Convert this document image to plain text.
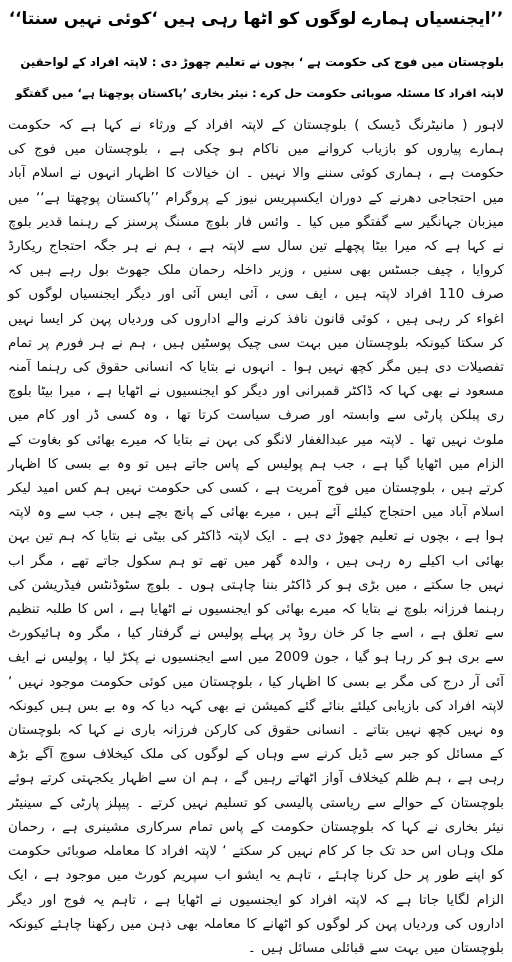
’’ایجنسیاں ہمارے لوگوں کو اٹھا رہی ہیں ‘کوئی نہیں سنتا‘‘
بلوچستان میں فوج کی حکومت ہے ‘ بچوں نے تعلیم چھوڑ دی : لاپتہ افراد کے لواحقین
لاپتہ افراد کا مسئلہ صوبائی حکومت حل کرے : نیئر بخاری ’پاکستان پوچھتا ہے‘ میں گفتگو

لاہور ( مانیٹرنگ ڈیسک ) بلوچستان کے لاپتہ افراد کے ورثاء نے کہا ہے کہ حکومت ہمارے پیاروں کو بازیاب کروانے میں ناکام ہو چکی ہے ، بلوچستان میں فوج کی حکومت ہے ، ہماری کوئی سننے والا نہیں ۔ ان خیالات کا اظہار انہوں نے اسلام آباد میں احتجاجی دھرنے کے دوران ایکسپریس نیوز کے پروگرام ’’پاکستان پوچھتا ہے‘‘ میں میزبان جہانگیر سے گفتگو میں کیا ۔ وائس فار بلوچ مسنگ پرسنز کے رہنما قدیر بلوچ نے کہا ہے کہ میرا بیٹا پچھلے تین سال سے لاپتہ ہے ، ہم نے ہر جگہ احتجاج ریکارڈ کروایا ، چیف جسٹس بھی سنیں ، وزیر داخلہ رحمان ملک جھوٹ بول رہے ہیں کہ صرف 110 افراد لاپتہ ہیں ، ایف سی ، آئی ایس آئی اور دیگر ایجنسیاں لوگوں کو اغواء کر رہی ہیں ، کوئی قانون نافذ کرنے والے اداروں کی وردیاں پہن کر ایسا نہیں کر سکتا کیونکہ بلوچستان میں بہت سی چیک پوسٹیں ہیں ، ہم نے ہر فورم پر تمام تفصیلات دی ہیں مگر کچھ نہیں ہوا ۔ انہوں نے بتایا کہ انسانی حقوق کی رہنما آمنہ مسعود نے بھی کہا کہ ڈاکٹر قمبرانی اور دیگر کو ایجنسیوں نے اٹھایا ہے ، میرا بیٹا بلوچ ری پبلکن پارٹی سے وابستہ اور صرف سیاست کرتا تھا ، وہ کسی ڈر اور کام میں ملوث نہیں تھا ۔ لاپتہ میر عبدالغفار لانگو کی بہن نے بتایا کہ میرے بھائی کو بغاوت کے الزام میں اٹھایا گیا ہے ، جب ہم پولیس کے پاس جاتے ہیں تو وہ بے بسی کا اظہار کرتے ہیں ، بلوچستان میں فوج آمریت ہے ، کسی کی حکومت نہیں ہم کس امید لیکر اسلام آباد میں احتجاج کیلئے آئے ہیں ، میرے بھائی کے پانچ بچے ہیں ، جب سے وہ لاپتہ ہوا ہے ، بچوں نے تعلیم چھوڑ دی ہے ۔ ایک لاپتہ ڈاکٹر کی بیٹی نے بتایا کہ ہم تین بہن بھائی اب اکیلے رہ رہی ہیں ، والدہ گھر میں تھے تو ہم سکول جاتے تھے ، مگر اب نہیں جا سکتے ، میں بڑی ہو کر ڈاکٹر بننا چاہتی ہوں ۔ بلوچ سٹوڈنٹس فیڈریشن کی رہنما فرزانہ بلوچ نے بتایا کہ میرے بھائی کو ایجنسیوں نے اٹھایا ہے ، اس کا طلبہ تنظیم سے تعلق ہے ، اسے جا کر خان روڈ پر پہلے پولیس نے گرفتار کیا ، مگر وہ ہائیکورٹ سے بری ہو کر رہا ہو گیا ، جون 2009 میں اسے ایجنسیوں نے پکڑ لیا ، پولیس نے ایف آئی آر درج کی مگر بے بسی کا اظہار کیا ، بلوچستان میں کوئی حکومت موجود نہیں ‘ لاپتہ افراد کی بازیابی کیلئے بنائے گئے کمیشن نے بھی کہہ دیا کہ وہ بے بس ہیں کیونکہ وہ نہیں کچھ نہیں بتاتے ۔ انسانی حقوق کی کارکن فرزانہ باری نے کہا کہ بلوچستان کے مسائل کو جبر سے ڈیل کرنے سے وہاں کے لوگوں کی ملک کیخلاف سوچ آگے بڑھ رہی ہے ، ہم ظلم کیخلاف آواز اٹھاتے رہیں گے ، ہم ان سے اظہار یکجہتی کرتے ہوئے بلوچستان کے حوالے سے ریاستی پالیسی کو تسلیم نہیں کرتے ۔ پیپلز پارٹی کے سینیٹر نیئر بخاری نے کہا کہ بلوچستان حکومت کے پاس تمام سرکاری مشینری ہے ، رحمان ملک وہاں اس حد تک جا کر کام نہیں کر سکتے ‘ لاپتہ افراد کا معاملہ صوبائی حکومت کو اپنے طور پر حل کرنا چاہئے ، تاہم یہ ایشو اب سپریم کورٹ میں موجود ہے ، ایک الزام لگایا جاتا ہے کہ لاپتہ افراد کو ایجنسیوں نے اٹھایا ہے ، تاہم یہ فوج اور دیگر اداروں کی وردیاں پہن کر لوگوں کو اٹھانے کا معاملہ بھی ذہن میں رکھنا چاہئے کیونکہ بلوچستان میں بہت سے قبائلی مسائل ہیں ۔
